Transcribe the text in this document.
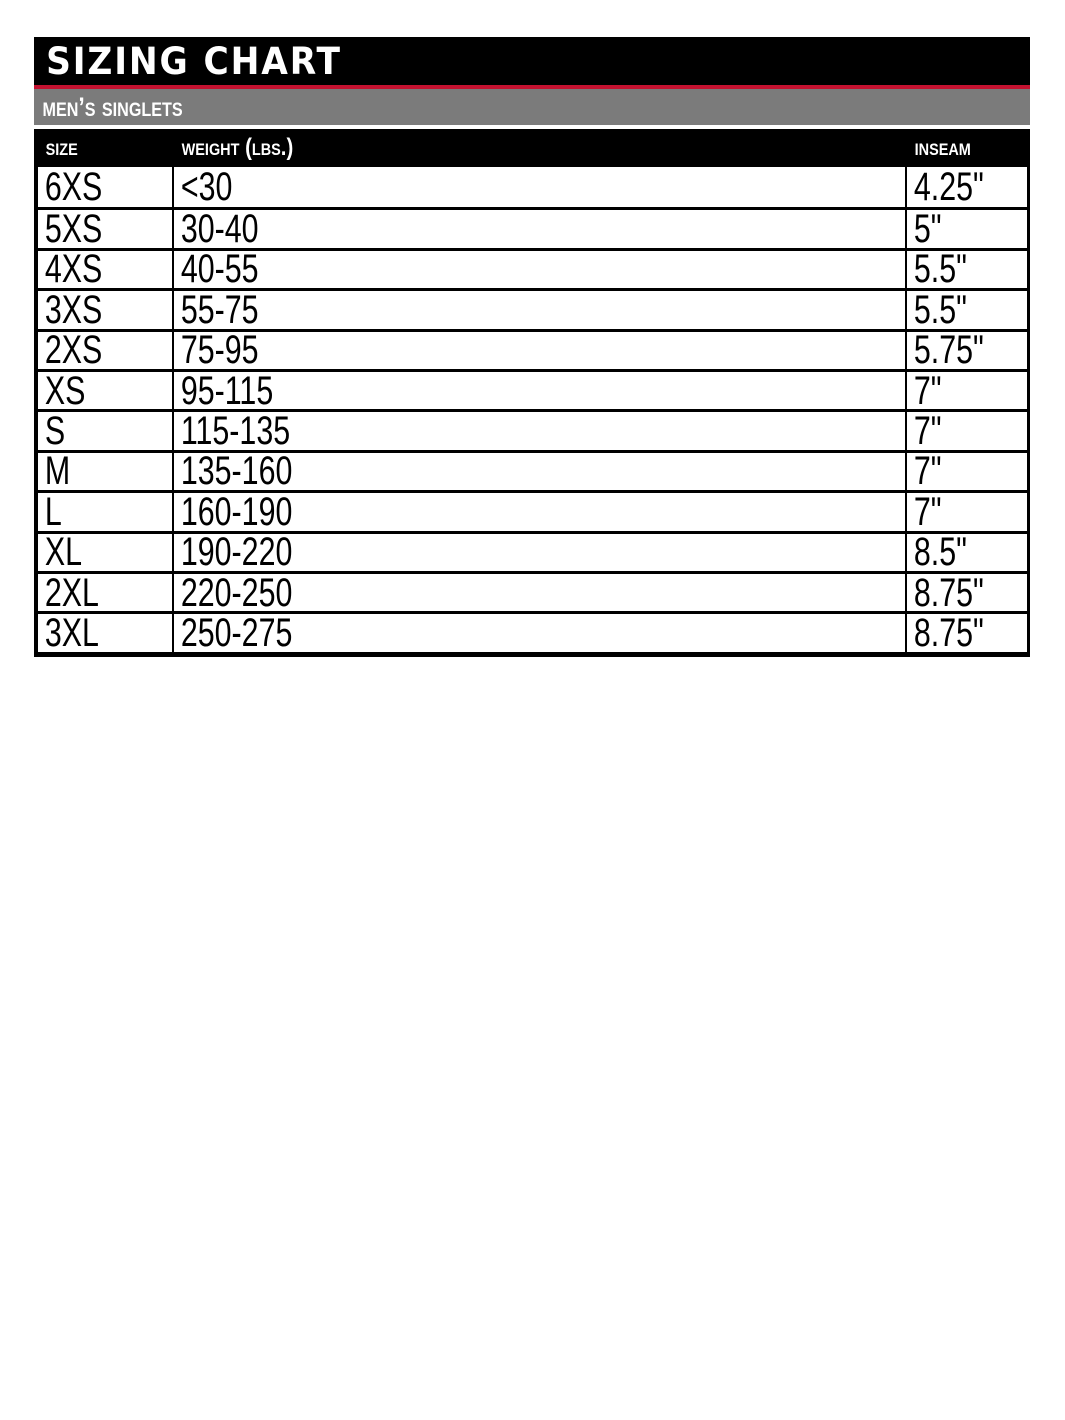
SIZING CHART
men’s singlets
size	weight (lbs.)	inseam
6XS <30	4.25"
5XS 30-40	5"
4XS 40-55	5.5"
3XS 55-75	5.5"
2XS 75-95	5.75"
XS 95-115	7"
S	115-135	7"
M	135-160	7"
L	160-190	7"
XL 190-220	8.5"
2XL 220-250	8.75"
3XL 250-275	8.75"
